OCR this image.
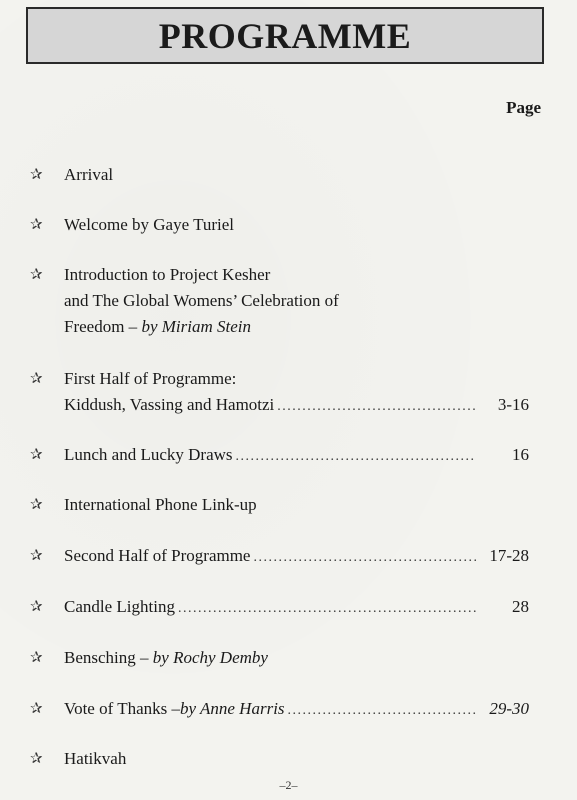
PROGRAMME
Page
✰ Arrival
✰ Welcome by Gaye Turiel
✰ Introduction to Project Kesher
and The Global Womens’ Celebration of
Freedom – by Miriam Stein
✰ First Half of Programme:
Kiddush, Vassing and Hamotzi .....	3-16
✰ Lunch and Lucky Draws .....	16
✰ International Phone Link-up
✰ Second Half of Programme .....	17-28
✰ Candle Lighting .....	28
✰ Bensching – by Rochy Demby
✰ Vote of Thanks – by Anne Harris .....	29-30
✰ Hatikvah
–2–
